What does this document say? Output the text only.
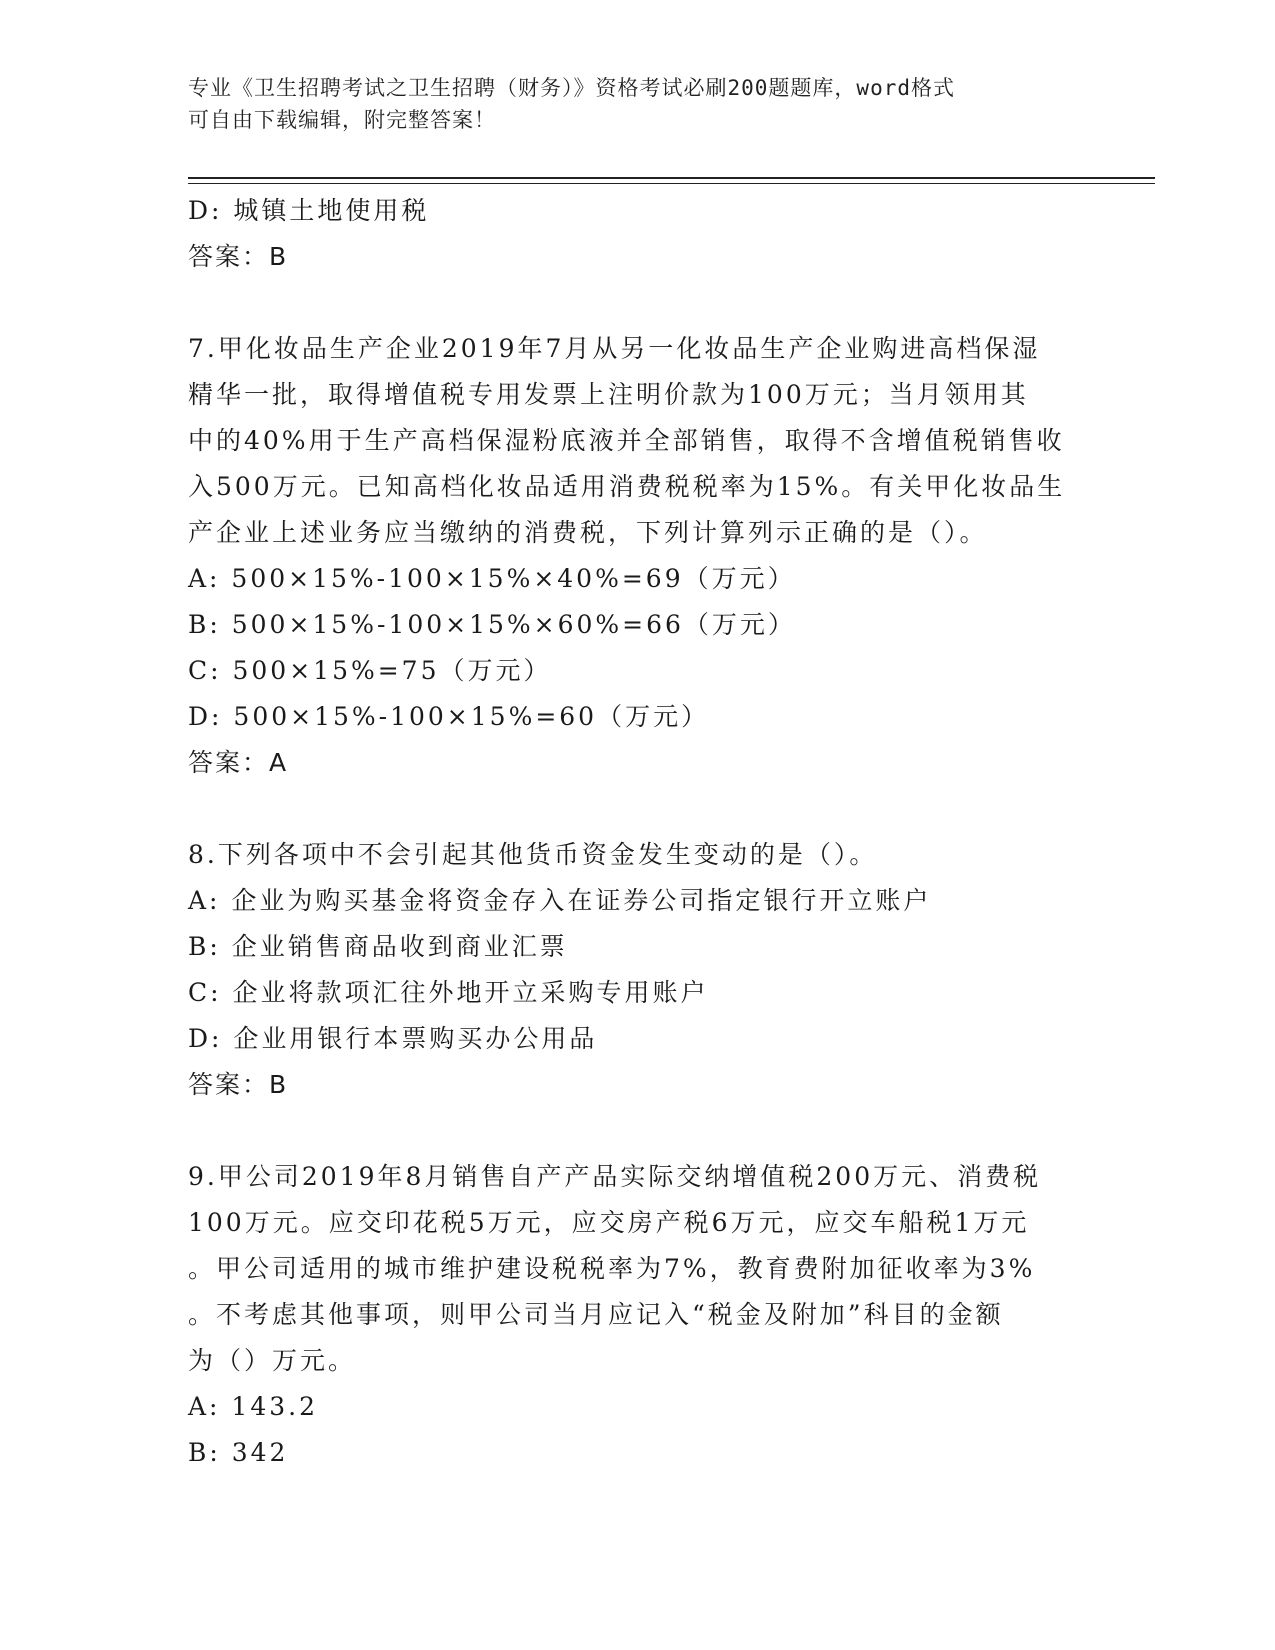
专业《卫生招聘考试之卫生招聘（财务）》资格考试必刷200题题库，word格式
可自由下载编辑，附完整答案！
D: 城镇土地使用税
答案：B
7.甲化妆品生产企业2019年7月从另一化妆品生产企业购进高档保湿
精华一批，取得增值税专用发票上注明价款为100万元；当月领用其
中的40%用于生产高档保湿粉底液并全部销售，取得不含增值税销售收
入500万元。已知高档化妆品适用消费税税率为15%。有关甲化妆品生
产企业上述业务应当缴纳的消费税，下列计算列示正确的是（）。
A: 500×15%-100×15%×40%=69（万元）
B: 500×15%-100×15%×60%=66（万元）
C: 500×15%=75（万元）
D: 500×15%-100×15%=60（万元）
答案：A
8.下列各项中不会引起其他货币资金发生变动的是（）。
A: 企业为购买基金将资金存入在证券公司指定银行开立账户
B: 企业销售商品收到商业汇票
C: 企业将款项汇往外地开立采购专用账户
D: 企业用银行本票购买办公用品
答案：B
9.甲公司2019年8月销售自产产品实际交纳增值税200万元、消费税
100万元。应交印花税5万元，应交房产税6万元，应交车船税1万元
。甲公司适用的城市维护建设税税率为7%，教育费附加征收率为3%
。不考虑其他事项，则甲公司当月应记入“税金及附加”科目的金额
为（）万元。
A: 143.2
B: 342
